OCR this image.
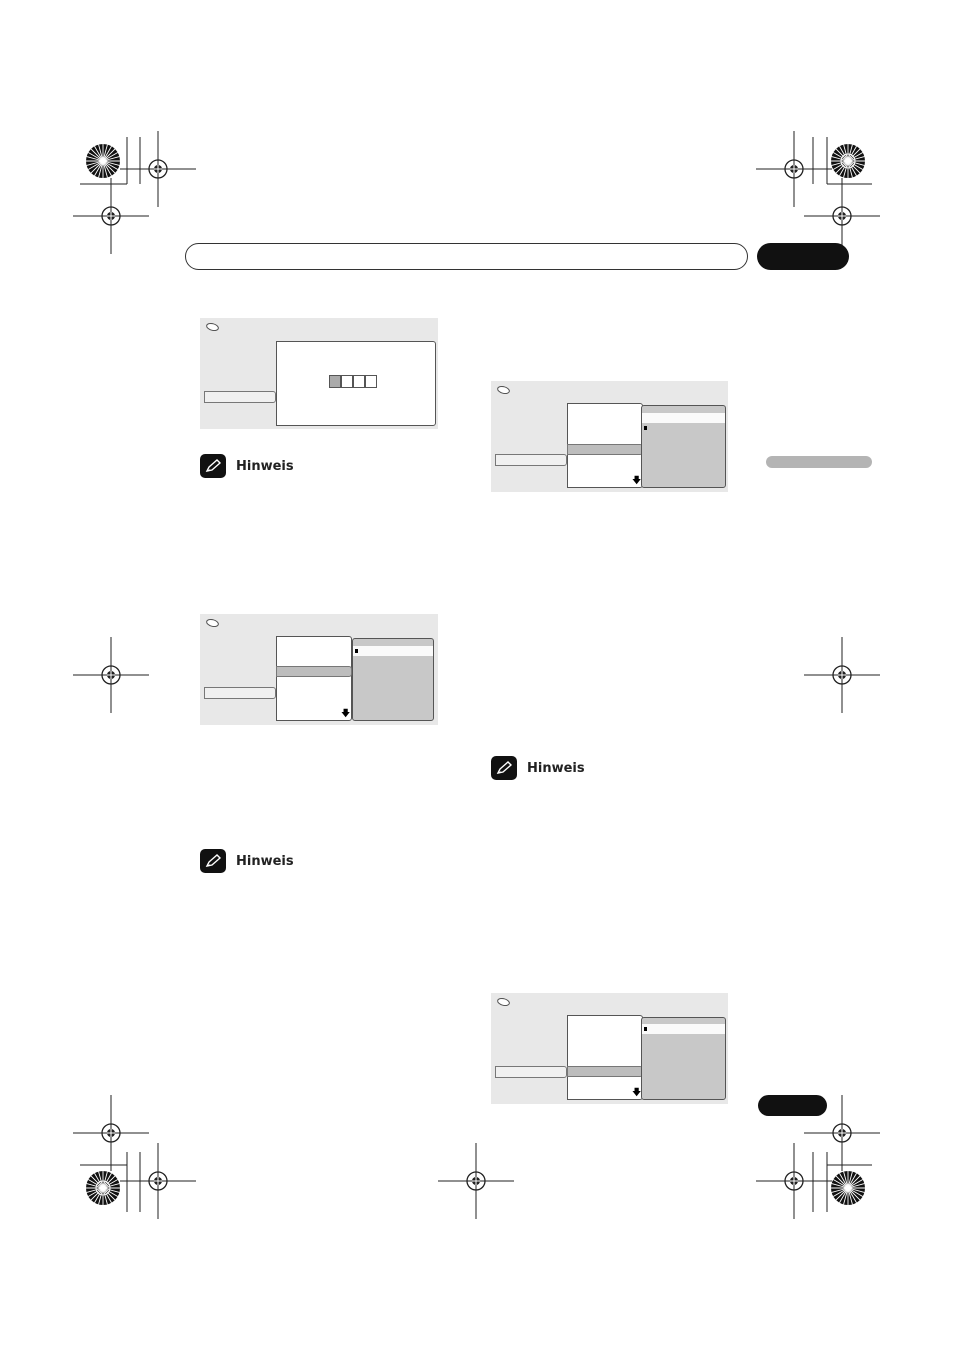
Hinweis
🡇
Hinweis
🡇
Hinweis
🡇
